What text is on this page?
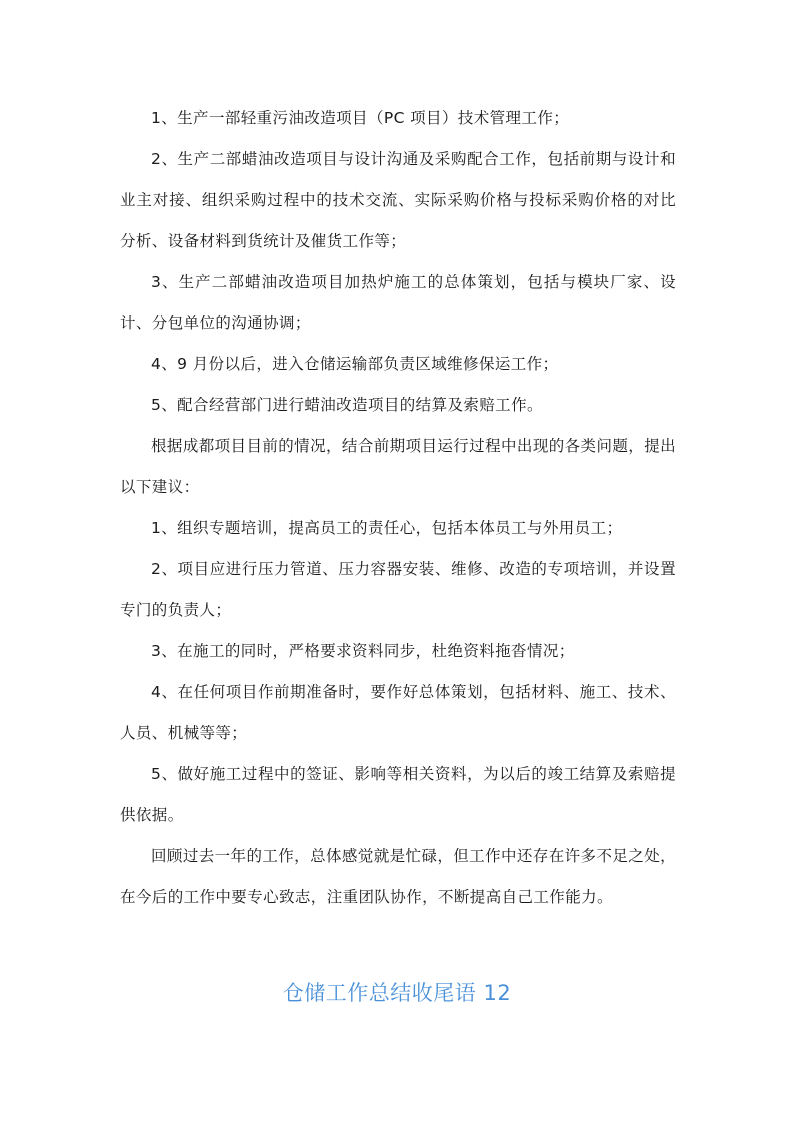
1、生产一部轻重污油改造项目（PC 项目）技术管理工作；

2、生产二部蜡油改造项目与设计沟通及采购配合工作，包括前期与设计和业主对接、组织采购过程中的技术交流、实际采购价格与投标采购价格的对比分析、设备材料到货统计及催货工作等；

3、生产二部蜡油改造项目加热炉施工的总体策划，包括与模块厂家、设计、分包单位的沟通协调；

4、9 月份以后，进入仓储运输部负责区域维修保运工作；

5、配合经营部门进行蜡油改造项目的结算及索赔工作。

根据成都项目目前的情况，结合前期项目运行过程中出现的各类问题，提出以下建议：

1、组织专题培训，提高员工的责任心，包括本体员工与外用员工；

2、项目应进行压力管道、压力容器安装、维修、改造的专项培训，并设置专门的负责人；

3、在施工的同时，严格要求资料同步，杜绝资料拖沓情况；

4、在任何项目作前期准备时，要作好总体策划，包括材料、施工、技术、人员、机械等等；

5、做好施工过程中的签证、影响等相关资料，为以后的竣工结算及索赔提供依据。

回顾过去一年的工作，总体感觉就是忙碌，但工作中还存在许多不足之处，在今后的工作中要专心致志，注重团队协作，不断提高自己工作能力。

仓储工作总结收尾语 12
